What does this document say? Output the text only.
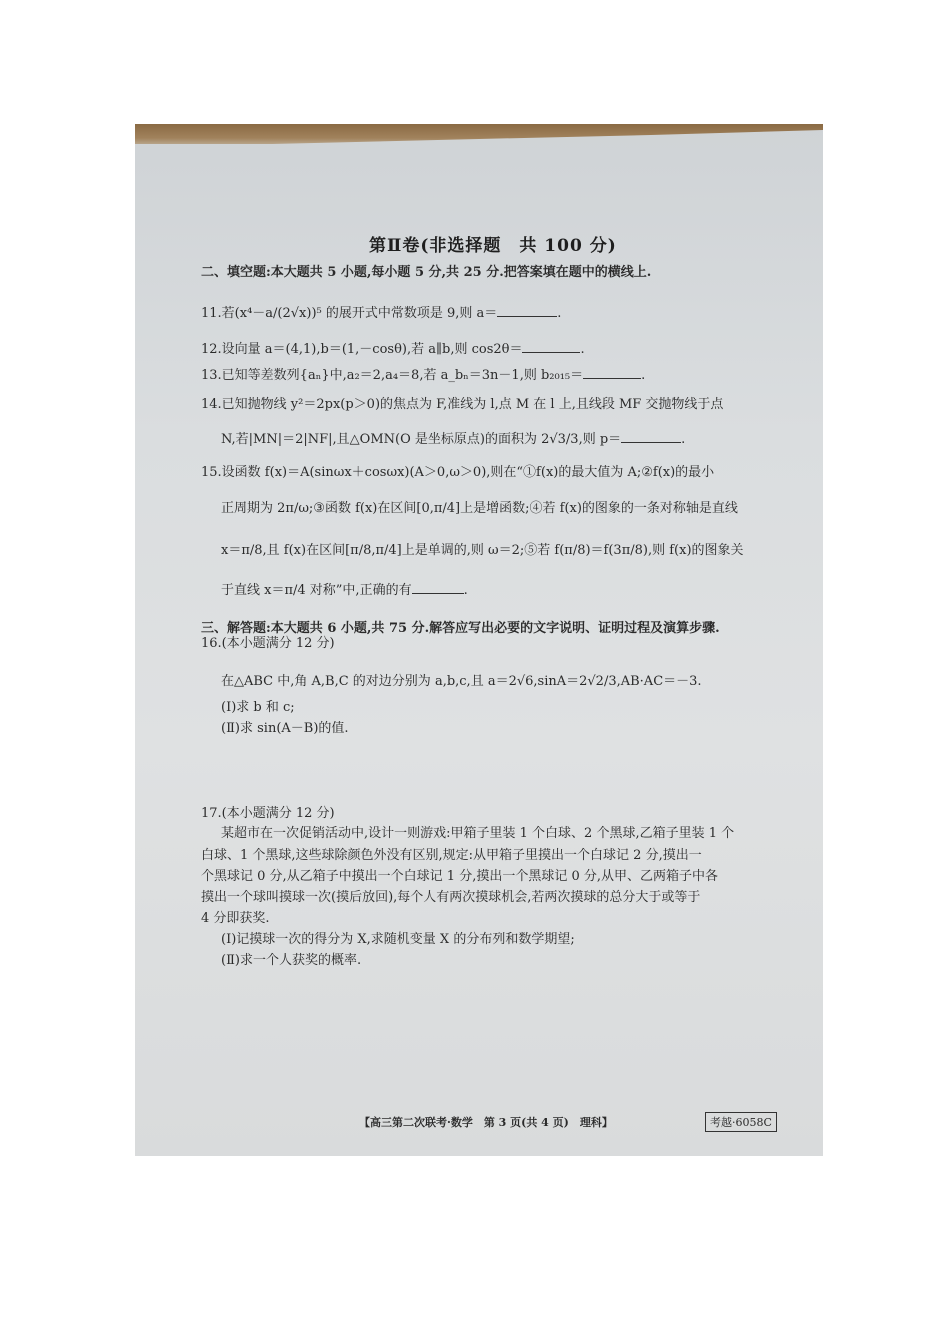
第Ⅱ卷(非选择题　共 100 分)
二、填空题:本大题共 5 小题,每小题 5 分,共 25 分.把答案填在题中的横线上.
11.若(x⁴－a/(2√x))⁵ 的展开式中常数项是 9,则 a＝	.
12.设向量 a＝(4,1),b＝(1,－cosθ),若 a∥b,则 cos2θ＝	.
13.已知等差数列{aₙ}中,a₂＝2,a₄＝8,若 a_bₙ＝3n－1,则 b₂₀₁₅＝	.
14.已知抛物线 y²＝2px(p＞0)的焦点为 F,准线为 l,点 M 在 l 上,且线段 MF 交抛物线于点
N,若|MN|＝2|NF|,且△OMN(O 是坐标原点)的面积为 2√3/3,则 p＝	.
15.设函数 f(x)＝A(sinωx＋cosωx)(A＞0,ω＞0),则在“①f(x)的最大值为 A;②f(x)的最小
正周期为 2π/ω;③函数 f(x)在区间[0,π/4]上是增函数;④若 f(x)的图象的一条对称轴是直线
x＝π/8,且 f(x)在区间[π/8,π/4]上是单调的,则 ω＝2;⑤若 f(π/8)＝f(3π/8),则 f(x)的图象关
于直线 x＝π/4 对称”中,正确的有	.
三、解答题:本大题共 6 小题,共 75 分.解答应写出必要的文字说明、证明过程及演算步骤.
16.(本小题满分 12 分)
在△ABC 中,角 A,B,C 的对边分别为 a,b,c,且 a＝2√6,sinA＝2√2/3,AB·AC＝－3.
(Ⅰ)求 b 和 c;
(Ⅱ)求 sin(A－B)的值.
17.(本小题满分 12 分)
某超市在一次促销活动中,设计一则游戏:甲箱子里装 1 个白球、2 个黑球,乙箱子里装 1 个
白球、1 个黑球,这些球除颜色外没有区别,规定:从甲箱子里摸出一个白球记 2 分,摸出一
个黑球记 0 分,从乙箱子中摸出一个白球记 1 分,摸出一个黑球记 0 分,从甲、乙两箱子中各
摸出一个球叫摸球一次(摸后放回),每个人有两次摸球机会,若两次摸球的总分大于或等于
4 分即获奖.
(Ⅰ)记摸球一次的得分为 X,求随机变量 X 的分布列和数学期望;
(Ⅱ)求一个人获奖的概率.
【高三第二次联考·数学　第 3 页(共 4 页)　理科】	考越·6058C
